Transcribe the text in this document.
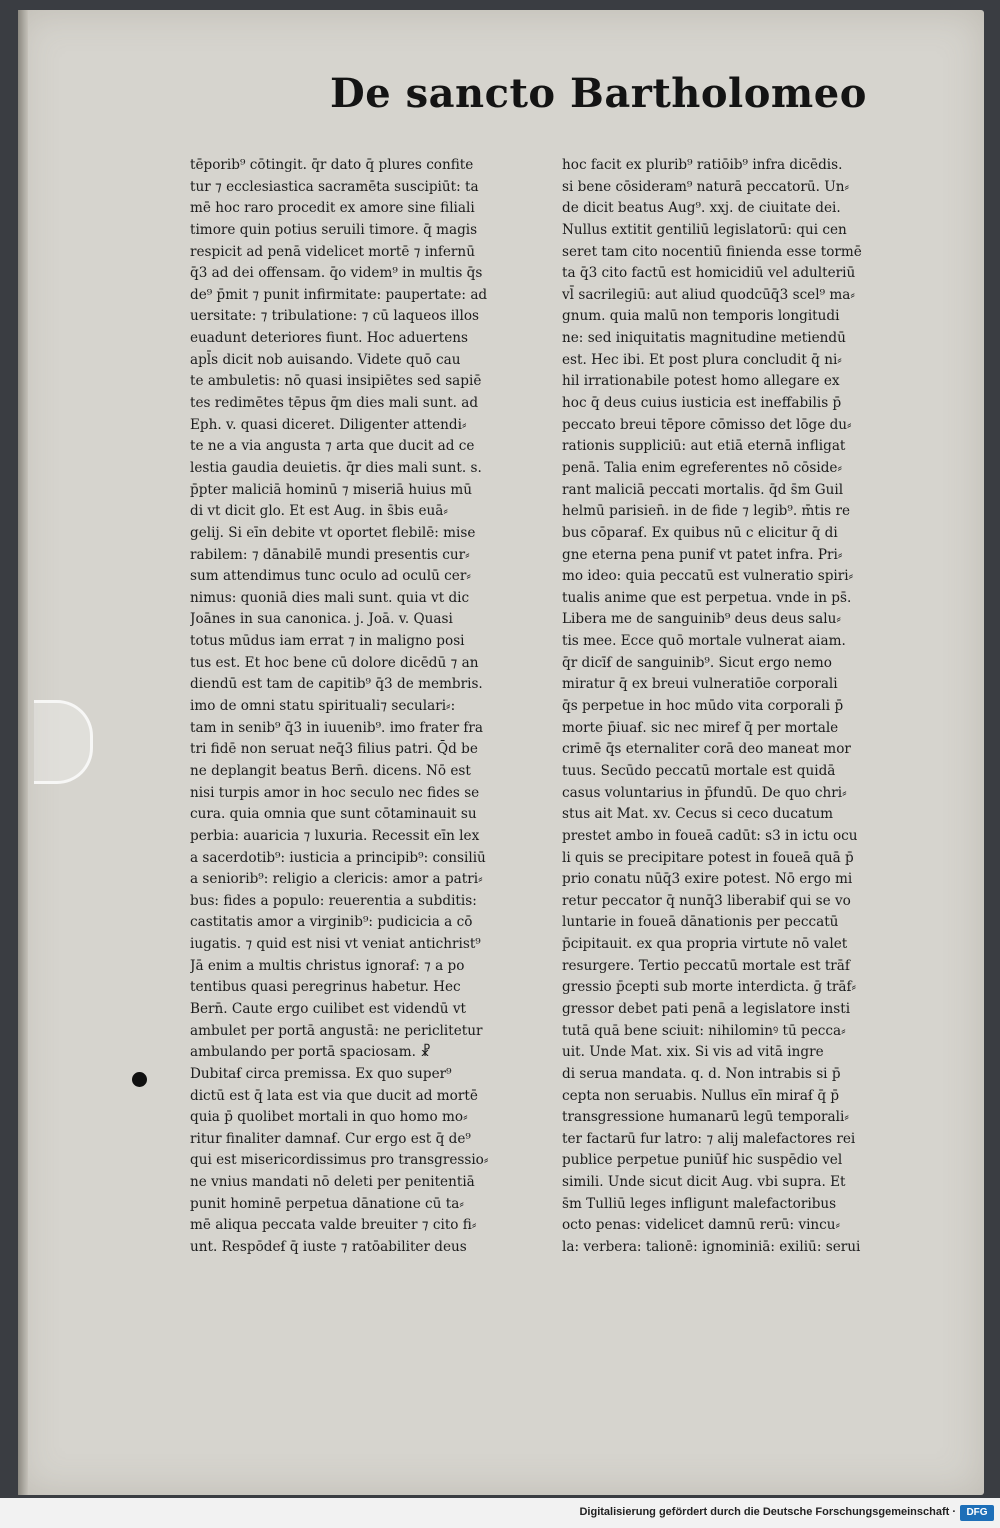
De sancto Bartholomeo
tēporib⁹ cōtingit. q̄r dato q̄ plures confite
tur ⁊ ecclesiastica sacramēta suscipiūt: ta
mē hoc raro procedit ex amore sine filiali
timore quin potius seruili timore. q̄ magis
respicit ad penā videlicet mortē ⁊ infernū
q̄3 ad dei offensam. q̄o videm⁹ in multis q̄s
de⁹ p̄mit ⁊ punit infirmitate: paupertate: ad
uersitate: ⁊ tribulatione: ⁊ cū laqueos illos
euadunt deteriores fiunt. Hoc aduertens
apl̄s dicit nob auisando. Videte quō cau
te ambuletis: nō quasi insipiētes sed sapiē
tes redimētes tēpus q̄m dies mali sunt. ad
Eph. v. quasi diceret. Diligenter attendi⸗
te ne a via angusta ⁊ arta que ducit ad ce
lestia gaudia deuietis. q̄r dies mali sunt. s.
p̄pter maliciā hominū ⁊ miseriā huius mū
di vt dicit glo. Et est Aug. in s̄bis euā⸗
gelij. Si eīn debite vt oportet flebilē: mise
rabilem: ⁊ dānabilē mundi presentis cur⸗
sum attendimus tunc oculo ad oculū cer⸗
nimus: quoniā dies mali sunt. quia vt dic
Joānes in sua canonica. j. Joā. v. Quasi
totus mūdus iam errat ⁊ in maligno posi
tus est. Et hoc bene cū dolore dicēdū ⁊ an
diendū est tam de capitib⁹ q̄3 de membris.
imo de omni statu spirituali⁊ seculari⸗:
tam in senib⁹ q̄3 in iuuenib⁹. imo frater fra
tri fidē non seruat neq̄3 filius patri. Q̄d be
ne deplangit beatus Bern̄. dicens. Nō est
nisi turpis amor in hoc seculo nec fides se
cura. quia omnia que sunt cōtaminauit su
perbia: auaricia ⁊ luxuria. Recessit eīn lex
a sacerdotib⁹: iusticia a principib⁹: consiliū
a seniorib⁹: religio a clericis: amor a patri⸗
bus: fides a populo: reuerentia a subditis:
castitatis amor a virginib⁹: pudicicia a cō
iugatis. ⁊ quid est nisi vt veniat antichrist⁹
Jā enim a multis christus ignoraẜ: ⁊ a po
tentibus quasi peregrinus habetur. Hec
Bern̄. Caute ergo cuilibet est videndū vt
ambulet per portā angustā: ne periclitetur
ambulando per portā spaciosam. ☧
Dubitaẜ circa premissa. Ex quo super⁹
dictū est q̄ lata est via que ducit ad mortē
quia p̄ quolibet mortali in quo homo mo⸗
ritur finaliter damnaẜ. Cur ergo est q̄ de⁹
qui est misericordissimus pro transgressio⸗
ne vnius mandati nō deleti per penitentiā
punit hominē perpetua dānatione cū ta⸗
mē aliqua peccata valde breuiter ⁊ cito fi⸗
unt. Respōdeẜ q̄ iuste ⁊ ratōabiliter deus
hoc facit ex plurib⁹ ratiōib⁹ infra dicēdis.
si bene cōsideram⁹ naturā peccatorū. Un⸗
de dicit beatus Aug⁹. xxj. de ciuitate dei.
Nullus extitit gentiliū legislatorū: qui cen
seret tam cito nocentiū finienda esse tormē
ta q̄3 cito factū est homicidiū vel adulteriū
vl̄ sacrilegiū: aut aliud quodcūq̄3 scel⁹ ma⸗
gnum. quia malū non temporis longitudi
ne: sed iniquitatis magnitudine metiendū
est. Hec ibi. Et post plura concludit q̄ ni⸗
hil irrationabile potest homo allegare ex
hoc q̄ deus cuius iusticia est ineffabilis p̄
peccato breui tēpore cōmisso det lōge du⸗
rationis suppliciū: aut etiā eternā infligat
penā. Talia enim egreferentes nō cōside⸗
rant maliciā peccati mortalis. q̄d s̄m Guil
helmū parisien̄. in de fide ⁊ legib⁹. m̄tis re
bus cōparaẜ. Ex quibus nū c elicitur q̄ di
gne eterna pena puniẜ vt patet infra. Pri⸗
mo ideo: quia peccatū est vulneratio spiri⸗
tualis anime que est perpetua. vnde in ps̄.
Libera me de sanguinib⁹ deus deus salu⸗
tis mee. Ecce quō mortale vulnerat aiam.
q̄r dicīẜ de sanguinib⁹. Sicut ergo nemo
miratur q̄ ex breui vulneratiōe corporali
q̄s perpetue in hoc mūdo vita corporali p̄
morte p̄iuaẜ. sic nec miref q̄ per mortale
crimē q̄s eternaliter corā deo maneat mor
tuus. Secūdo peccatū mortale est quidā
casus voluntarius in p̄fundū. De quo chri⸗
stus ait Mat. xv. Cecus si ceco ducatum
prestet ambo in foueā cadūt: s3 in ictu ocu
li quis se precipitare potest in foueā quā p̄
prio conatu nūq̄3 exire potest. Nō ergo mi
retur peccator q̄ nunq̄3 liberabiẜ qui se vo
luntarie in foueā dānationis per peccatū
p̄cipitauit. ex qua propria virtute nō valet
resurgere. Tertio peccatū mortale est trāf
gressio p̄cepti sub morte interdicta. ḡ trāf⸗
gressor debet pati penā a legislatore insti
tutā quā bene sciuit: nihilominꝰ tū pecca⸗
uit. Unde Mat. xix. Si vis ad vitā ingre
di serua mandata. q. d. Non intrabis si p̄
cepta non seruabis. Nullus eīn miraẜ q̄ p̄
transgressione humanarū legū temporali⸗
ter factarū fur latro: ⁊ alij malefactores rei
publice perpetue puniūẜ hic suspēdio vel
simili. Unde sicut dicit Aug. vbi supra. Et
s̄m Tulliū leges infligunt malefactoribus
octo penas: videlicet damnū rerū: vincu⸗
la: verbera: talionē: ignominiā: exiliū: serui
Digitalisierung gefördert durch die Deutsche Forschungsgemeinschaft ·	DFG
